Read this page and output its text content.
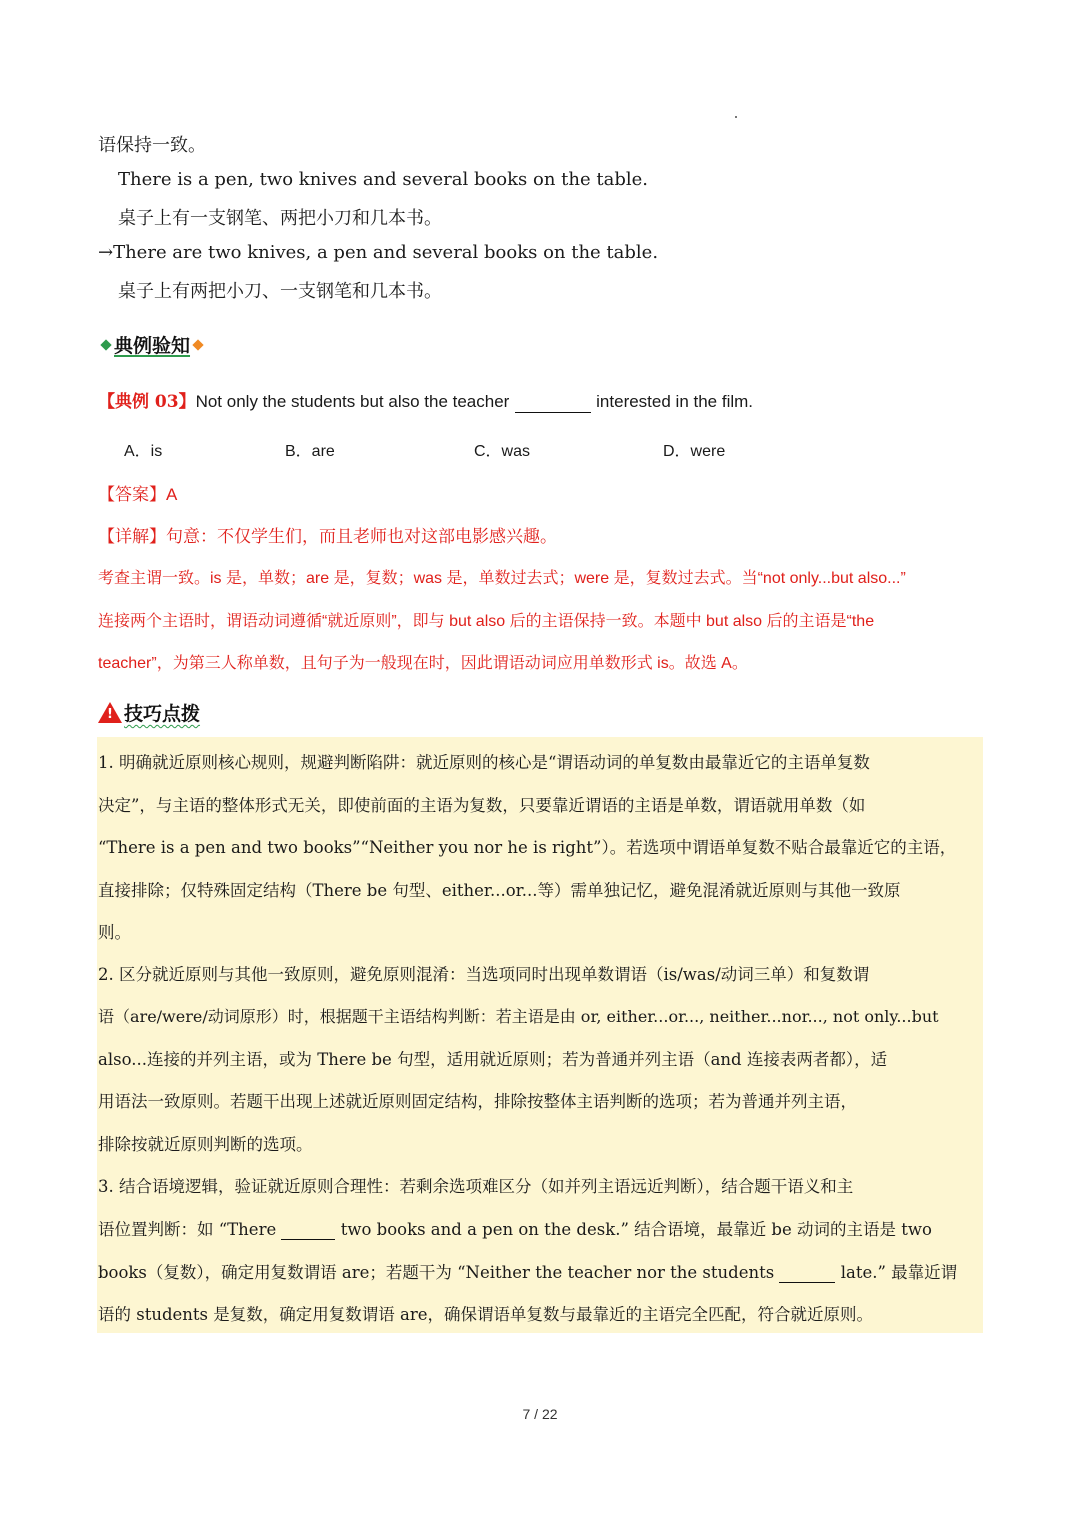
语保持一致。
There is a pen, two knives and several books on the table.
桌子上有一支钢笔、两把小刀和几本书。
→There are two knives, a pen and several books on the table.
桌子上有两把小刀、一支钢笔和几本书。
典例验知
【典例 03】Not only the students but also the teacher	interested in the film.
A．is	B．are	C．was	D．were
【答案】A
【详解】句意：不仅学生们，而且老师也对这部电影感兴趣。
考查主谓一致。is 是，单数；are 是，复数；was 是，单数过去式；were 是，复数过去式。当“not only...but also...”
连接两个主语时，谓语动词遵循“就近原则”，即与 but also 后的主语保持一致。本题中 but also 后的主语是“the
teacher”，为第三人称单数，且句子为一般现在时，因此谓语动词应用单数形式 is。故选 A。
!
技巧点拨
1. 明确就近原则核心规则，规避判断陷阱：就近原则的核心是“谓语动词的单复数由最靠近它的主语单复数
决定”，与主语的整体形式无关，即使前面的主语为复数，只要靠近谓语的主语是单数，谓语就用单数（如
“There is a pen and two books”“Neither you nor he is right”）。若选项中谓语单复数不贴合最靠近它的主语，
直接排除；仅特殊固定结构（There be 句型、either...or...等）需单独记忆，避免混淆就近原则与其他一致原
则。
2. 区分就近原则与其他一致原则，避免原则混淆：当选项同时出现单数谓语（is/was/动词三单）和复数谓
语（are/were/动词原形）时，根据题干主语结构判断：若主语是由 or, either...or..., neither...nor..., not only...but
also...连接的并列主语，或为 There be 句型，适用就近原则；若为普通并列主语（and 连接表两者都），适
用语法一致原则。若题干出现上述就近原则固定结构，排除按整体主语判断的选项；若为普通并列主语，
排除按就近原则判断的选项。
3. 结合语境逻辑，验证就近原则合理性：若剩余选项难区分（如并列主语远近判断），结合题干语义和主
语位置判断：如 “There	two books and a pen on the desk.” 结合语境，最靠近 be 动词的主语是 two
books（复数），确定用复数谓语 are；若题干为 “Neither the teacher nor the students	late.” 最靠近谓
语的 students 是复数，确定用复数谓语 are，确保谓语单复数与最靠近的主语完全匹配，符合就近原则。
7 / 22
